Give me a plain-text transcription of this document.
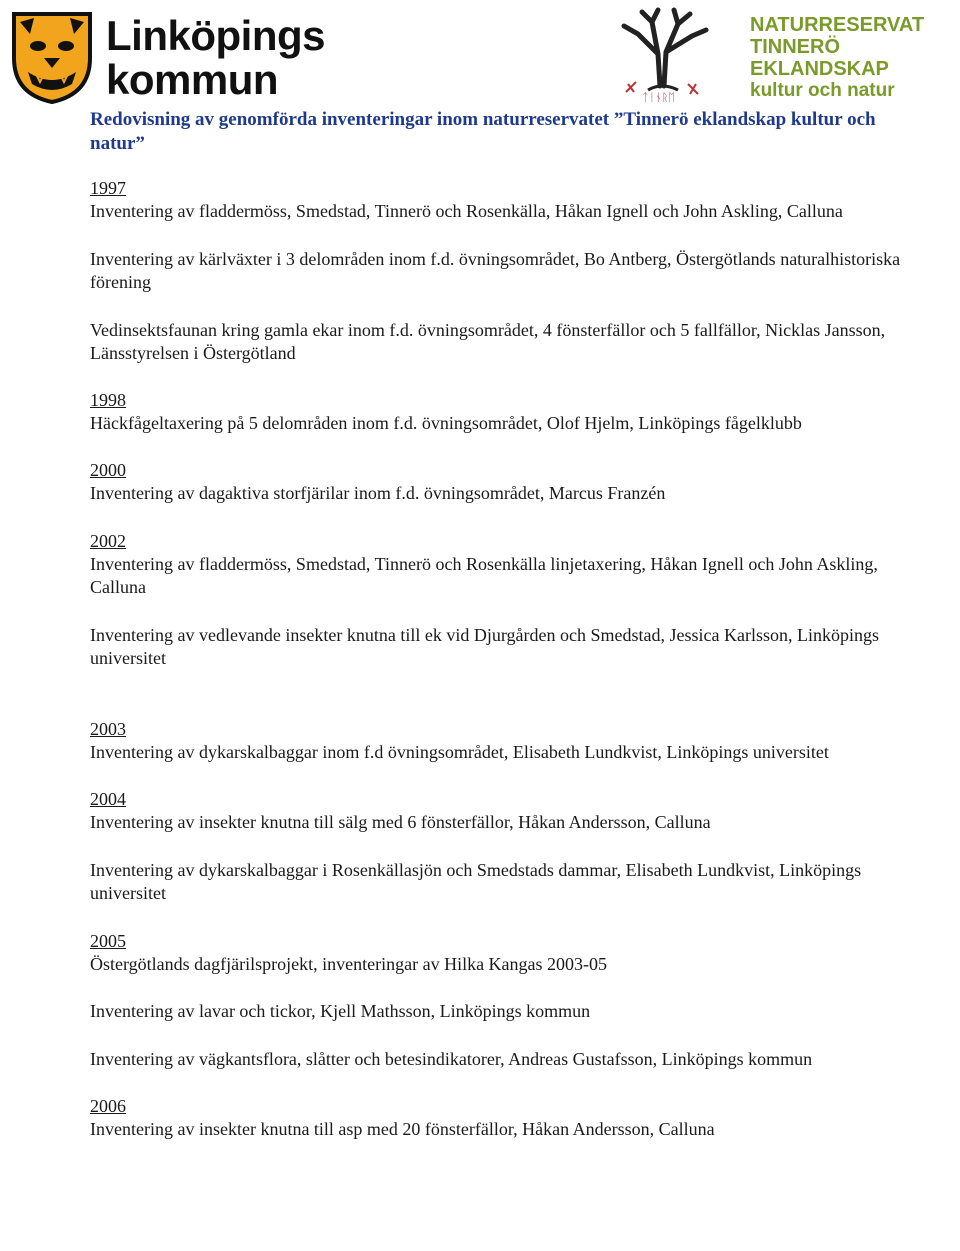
Linköpings
kommun	ᛏᛁᚾᚱᛖ
NATURRESERVAT
TINNERÖ EKLANDSKAP
kultur och natur
Redovisning av genomförda inventeringar inom naturreservatet ”Tinnerö eklandskap kultur och natur”

1997

Inventering av fladdermöss, Smedstad, Tinnerö och Rosenkälla, Håkan Ignell och John Askling, Calluna

Inventering av kärlväxter i 3 delområden inom f.d. övningsområdet, Bo Antberg, Östergötlands naturalhistoriska förening

Vedinsektsfaunan kring gamla ekar inom f.d. övningsområdet, 4 fönsterfällor och 5 fallfällor, Nicklas Jansson, Länsstyrelsen i Östergötland

1998

Häckfågeltaxering på 5 delområden inom f.d. övningsområdet, Olof Hjelm, Linköpings fågelklubb

2000

Inventering av dagaktiva storfjärilar inom f.d. övningsområdet, Marcus Franzén

2002

Inventering av fladdermöss, Smedstad, Tinnerö och Rosenkälla linjetaxering, Håkan Ignell och John Askling, Calluna

Inventering av vedlevande insekter knutna till ek vid Djurgården och Smedstad, Jessica Karlsson, Linköpings universitet

2003

Inventering av dykarskalbaggar inom f.d övningsområdet, Elisabeth Lundkvist, Linköpings universitet

2004

Inventering av insekter knutna till sälg med 6 fönsterfällor, Håkan Andersson, Calluna

Inventering av dykarskalbaggar i Rosenkällasjön och Smedstads dammar, Elisabeth Lundkvist, Linköpings universitet

2005

Östergötlands dagfjärilsprojekt, inventeringar av Hilka Kangas 2003-05

Inventering av lavar och tickor, Kjell Mathsson, Linköpings kommun

Inventering av vägkantsflora, slåtter och betesindikatorer, Andreas Gustafsson, Linköpings kommun

2006

Inventering av insekter knutna till asp med 20 fönsterfällor, Håkan Andersson, Calluna
